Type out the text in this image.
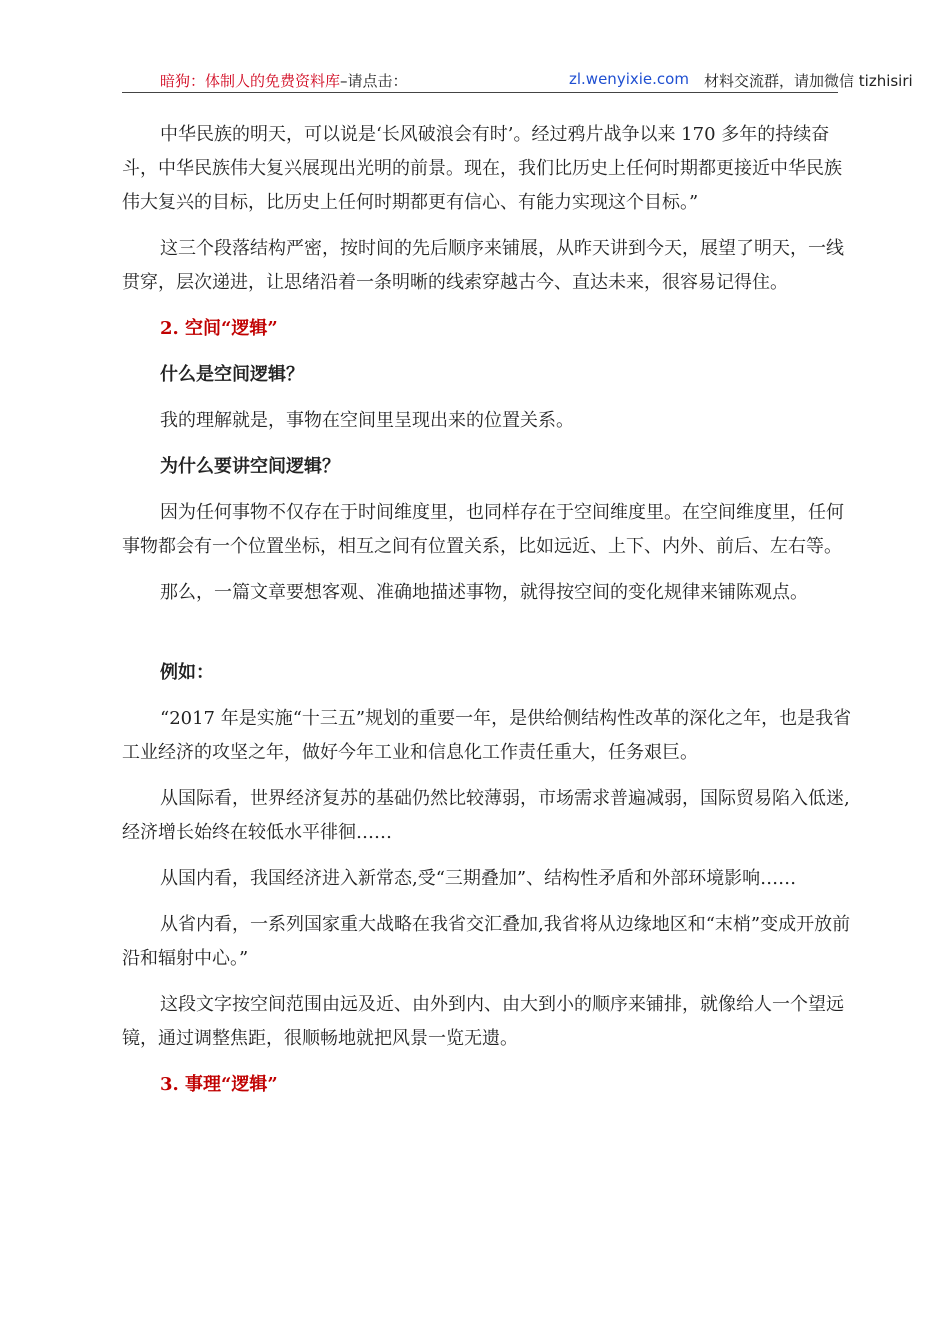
暗狗：体制人的免费资料库–请点击：	zl.wenyixie.com 材料交流群，请加微信 tizhisiri

中华民族的明天，可以说是‘长风破浪会有时’。经过鸦片战争以来 170 多年的持续奋斗，中华民族伟大复兴展现出光明的前景。现在，我们比历史上任何时期都更接近中华民族伟大复兴的目标，比历史上任何时期都更有信心、有能力实现这个目标。”

这三个段落结构严密，按时间的先后顺序来铺展，从昨天讲到今天，展望了明天，一线贯穿，层次递进，让思绪沿着一条明晰的线索穿越古今、直达未来，很容易记得住。

2. 空间“逻辑”

什么是空间逻辑？

我的理解就是，事物在空间里呈现出来的位置关系。

为什么要讲空间逻辑？

因为任何事物不仅存在于时间维度里，也同样存在于空间维度里。在空间维度里，任何事物都会有一个位置坐标，相互之间有位置关系，比如远近、上下、内外、前后、左右等。

那么，一篇文章要想客观、准确地描述事物，就得按空间的变化规律来铺陈观点。

例如：

“2017 年是实施“十三五”规划的重要一年，是供给侧结构性改革的深化之年，也是我省工业经济的攻坚之年，做好今年工业和信息化工作责任重大，任务艰巨。

从国际看，世界经济复苏的基础仍然比较薄弱，市场需求普遍减弱，国际贸易陷入低迷,经济增长始终在较低水平徘徊……

从国内看，我国经济进入新常态,受“三期叠加”、结构性矛盾和外部环境影响……

从省内看，一系列国家重大战略在我省交汇叠加,我省将从边缘地区和“末梢”变成开放前沿和辐射中心。”

这段文字按空间范围由远及近、由外到内、由大到小的顺序来铺排，就像给人一个望远镜，通过调整焦距，很顺畅地就把风景一览无遗。

3. 事理“逻辑”
